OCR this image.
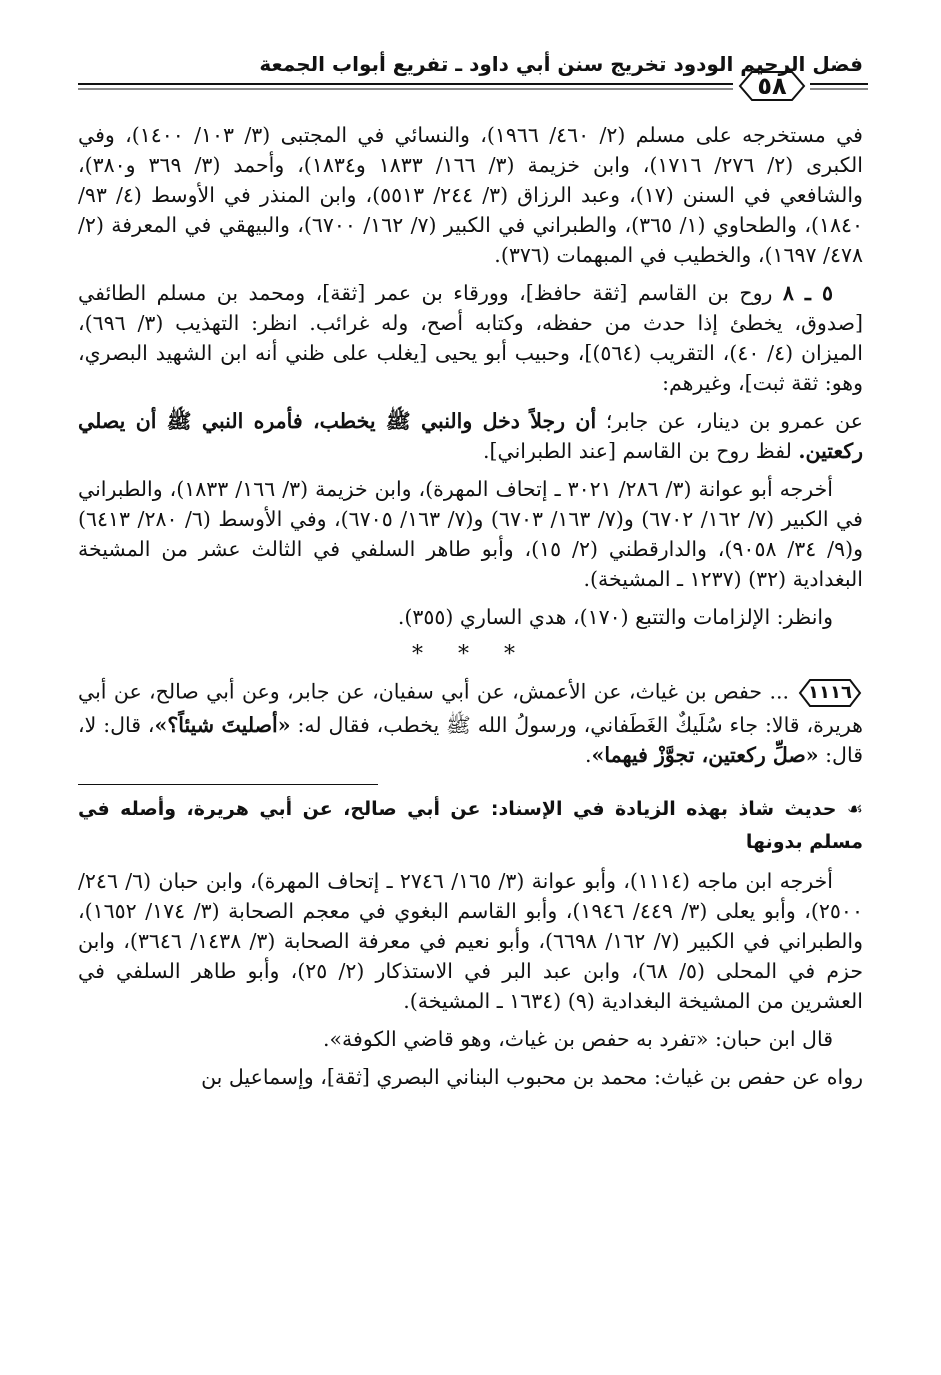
فضل الرحيم الودود تخريج سنن أبي داود ـ تفريع أبواب الجمعة
٥٨

في مستخرجه على مسلم (٢/ ٤٦٠/ ١٩٦٦)، والنسائي في المجتبى (٣/ ١٠٣/ ١٤٠٠)، وفي الكبرى (٢/ ٢٧٦/ ١٧١٦)، وابن خزيمة (٣/ ١٦٦/ ١٨٣٣ و١٨٣٤)، وأحمد (٣/ ٣٦٩ و٣٨٠)، والشافعي في السنن (١٧)، وعبد الرزاق (٣/ ٢٤٤/ ٥٥١٣)، وابن المنذر في الأوسط (٤/ ٩٣/ ١٨٤٠)، والطحاوي (١/ ٣٦٥)، والطبراني في الكبير (٧/ ١٦٢/ ٦٧٠٠)، والبيهقي في المعرفة (٢/ ٤٧٨/ ١٦٩٧)، والخطيب في المبهمات (٣٧٦).

٥ ـ ٨ روح بن القاسم [ثقة حافظ]، وورقاء بن عمر [ثقة]، ومحمد بن مسلم الطائفي [صدوق، يخطئ إذا حدث من حفظه، وكتابه أصح، وله غرائب. انظر: التهذيب (٣/ ٦٩٦)، الميزان (٤/ ٤٠)، التقريب (٥٦٤)]، وحبيب أبو يحيى [يغلب على ظني أنه ابن الشهيد البصري، وهو: ثقة ثبت]، وغيرهم:

عن عمرو بن دينار، عن جابر؛ أن رجلاً دخل والنبي ﷺ يخطب، فأمره النبي ﷺ أن يصلي ركعتين. لفظ روح بن القاسم [عند الطبراني].

أخرجه أبو عوانة (٣/ ٢٨٦/ ٣٠٢١ ـ إتحاف المهرة)، وابن خزيمة (٣/ ١٦٦/ ١٨٣٣)، والطبراني في الكبير (٧/ ١٦٢/ ٦٧٠٢) و(٧/ ١٦٣/ ٦٧٠٣) و(٧/ ١٦٣/ ٦٧٠٥)، وفي الأوسط (٦/ ٢٨٠/ ٦٤١٣) و(٩/ ٣٤/ ٩٠٥٨)، والدارقطني (٢/ ١٥)، وأبو طاهر السلفي في الثالث عشر من المشيخة البغدادية (٣٢) (١٢٣٧ ـ المشيخة).

وانظر: الإلزامات والتتبع (١٧٠)، هدي الساري (٣٥٥).

* * *

١١١٦... حفص بن غياث، عن الأعمش، عن أبي سفيان، عن جابر، وعن أبي صالح، عن أبي هريرة، قالا: جاء سُلَيكٌ الغَطَفاني، ورسولُ الله ﷺ يخطب، فقال له: «أصليتَ شيئاً؟»، قال: لا، قال: «صلِّ ركعتين، تجوَّزْ فيهما».

☙ حديث شاذ بهذه الزيادة في الإسناد: عن أبي صالح، عن أبي هريرة، وأصله في مسلم بدونها

أخرجه ابن ماجه (١١١٤)، وأبو عوانة (٣/ ١٦٥/ ٢٧٤٦ ـ إتحاف المهرة)، وابن حبان (٦/ ٢٤٦/ ٢٥٠٠)، وأبو يعلى (٣/ ٤٤٩/ ١٩٤٦)، وأبو القاسم البغوي في معجم الصحابة (٣/ ١٧٤/ ١٦٥٢)، والطبراني في الكبير (٧/ ١٦٢/ ٦٦٩٨)، وأبو نعيم في معرفة الصحابة (٣/ ١٤٣٨/ ٣٦٤٦)، وابن حزم في المحلى (٥/ ٦٨)، وابن عبد البر في الاستذكار (٢/ ٢٥)، وأبو طاهر السلفي في العشرين من المشيخة البغدادية (٩) (١٦٣٤ ـ المشيخة).

قال ابن حبان: «تفرد به حفص بن غياث، وهو قاضي الكوفة».

رواه عن حفص بن غياث: محمد بن محبوب البناني البصري [ثقة]، وإسماعيل بن
